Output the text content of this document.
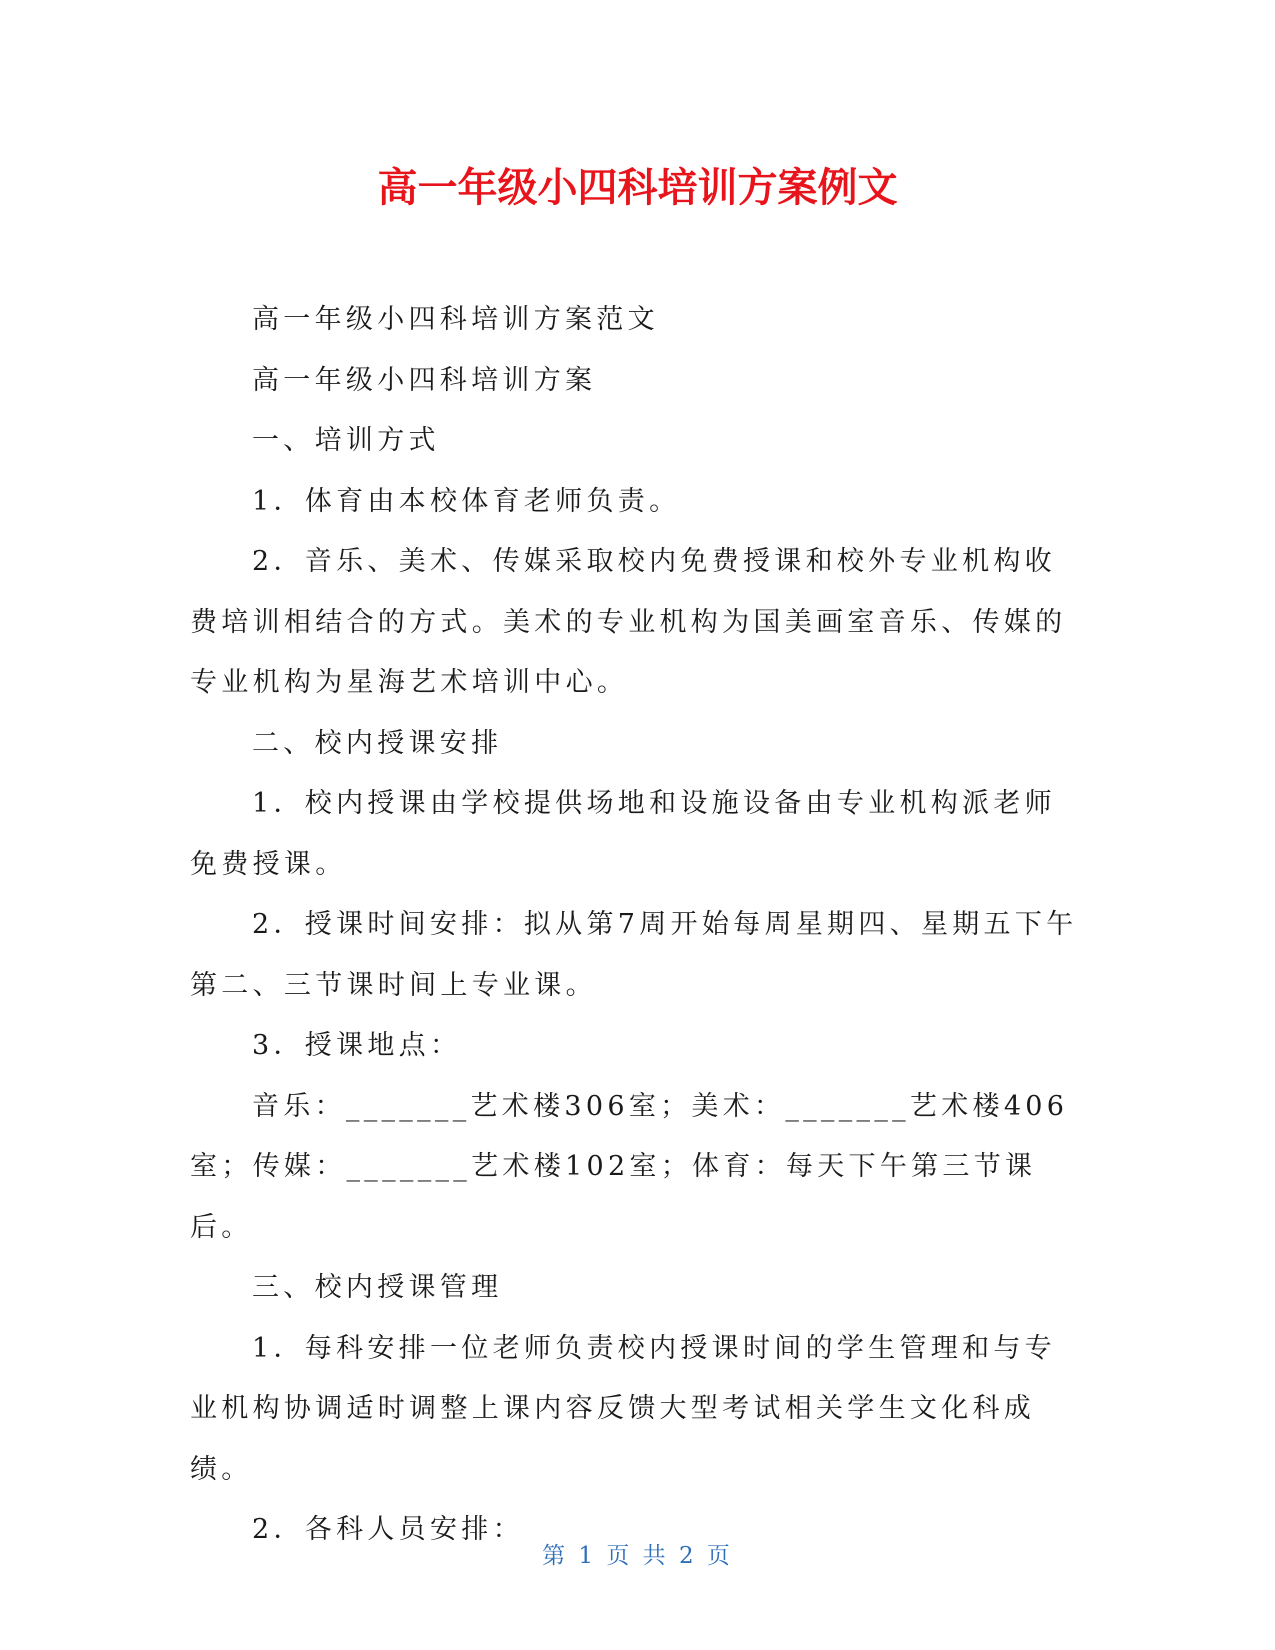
高一年级小四科培训方案例文

高一年级小四科培训方案范文

高一年级小四科培训方案

一、培训方式

1．体育由本校体育老师负责。

2．音乐、美术、传媒采取校内免费授课和校外专业机构收费培训相结合的方式。美术的专业机构为国美画室音乐、传媒的专业机构为星海艺术培训中心。

二、校内授课安排

1．校内授课由学校提供场地和设施设备由专业机构派老师免费授课。

2．授课时间安排：拟从第7周开始每周星期四、星期五下午第二、三节课时间上专业课。

3．授课地点：

音乐：_______艺术楼306室；美术：_______艺术楼406室；传媒：_______艺术楼102室；体育：每天下午第三节课后。

三、校内授课管理

1．每科安排一位老师负责校内授课时间的学生管理和与专业机构协调适时调整上课内容反馈大型考试相关学生文化科成绩。

2．各科人员安排：

第 1 页 共 2 页
